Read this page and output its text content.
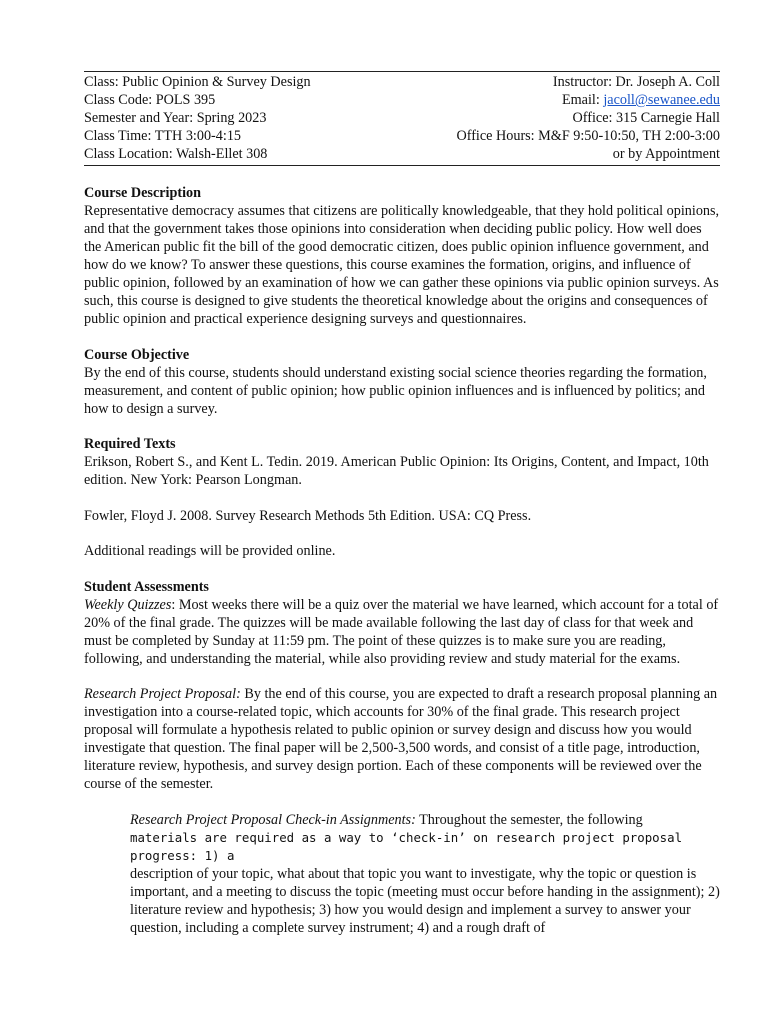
Class: Public Opinion & Survey Design	Instructor: Dr. Joseph A. Coll
Class Code: POLS 395	Email: jacoll@sewanee.edu
Semester and Year: Spring 2023	Office: 315 Carnegie Hall
Class Time: TTH 3:00-4:15	Office Hours: M&F 9:50-10:50, TH 2:00-3:00
Class Location: Walsh-Ellet 308	or by Appointment

Course Description

Representative democracy assumes that citizens are politically knowledgeable, that they hold political opinions, and that the government takes those opinions into consideration when deciding public policy. How well does the American public fit the bill of the good democratic citizen, does public opinion influence government, and how do we know? To answer these questions, this course examines the formation, origins, and influence of public opinion, followed by an examination of how we can gather these opinions via public opinion surveys. As such, this course is designed to give students the theoretical knowledge about the origins and consequences of public opinion and practical experience designing surveys and questionnaires.

Course Objective

By the end of this course, students should understand existing social science theories regarding the formation, measurement, and content of public opinion; how public opinion influences and is influenced by politics; and how to design a survey.

Required Texts

Erikson, Robert S., and Kent L. Tedin. 2019. American Public Opinion: Its Origins, Content, and Impact, 10th edition. New York: Pearson Longman.

Fowler, Floyd J. 2008. Survey Research Methods 5th Edition. USA: CQ Press.

Additional readings will be provided online.

Student Assessments

Weekly Quizzes: Most weeks there will be a quiz over the material we have learned, which account for a total of 20% of the final grade. The quizzes will be made available following the last day of class for that week and must be completed by Sunday at 11:59 pm. The point of these quizzes is to make sure you are reading, following, and understanding the material, while also providing review and study material for the exams.

Research Project Proposal: By the end of this course, you are expected to draft a research proposal planning an investigation into a course-related topic, which accounts for 30% of the final grade. This research project proposal will formulate a hypothesis related to public opinion or survey design and discuss how you would investigate that question. The final paper will be 2,500-3,500 words, and consist of a title page, introduction, literature review, hypothesis, and survey design portion. Each of these components will be reviewed over the course of the semester.

Research Project Proposal Check-in Assignments: Throughout the semester, the following
materials are required as a way to ‘check-in’ on research project proposal progress: 1) a
description of your topic, what about that topic you want to investigate, why the topic or question is important, and a meeting to discuss the topic (meeting must occur before handing in the assignment); 2) literature review and hypothesis; 3) how you would design and implement a survey to answer your question, including a complete survey instrument; 4) and a rough draft of
